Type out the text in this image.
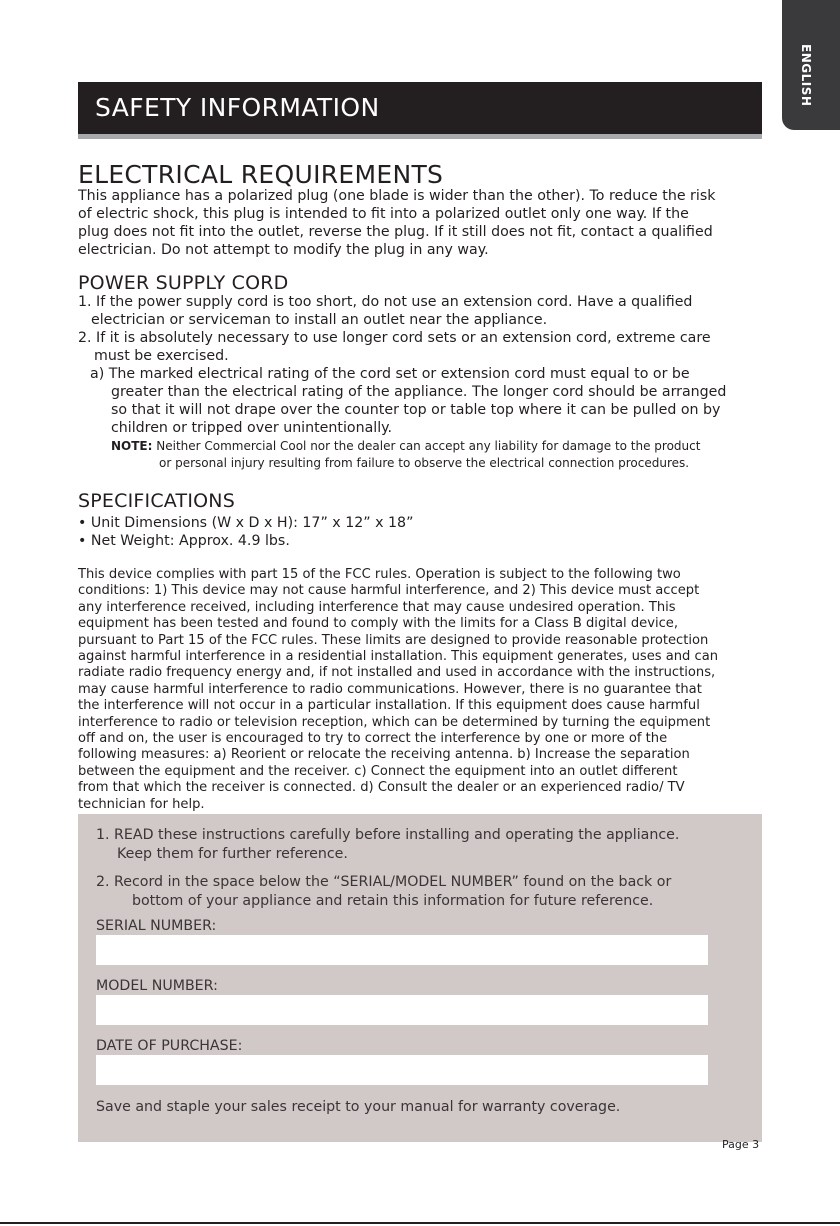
ENGLISH
SAFETY INFORMATION
ELECTRICAL REQUIREMENTS
This appliance has a polarized plug (one blade is wider than the other). To reduce the risk
of electric shock, this plug is intended to fit into a polarized outlet only one way. If the
plug does not fit into the outlet, reverse the plug. If it still does not fit, contact a qualified
electrician. Do not attempt to modify the plug in any way.
POWER SUPPLY CORD
1. If the power supply cord is too short, do not use an extension cord. Have a qualified
electrician or serviceman to install an outlet near the appliance.
2. If it is absolutely necessary to use longer cord sets or an extension cord, extreme care
must be exercised.
a) The marked electrical rating of the cord set or extension cord must equal to or be
greater than the electrical rating of the appliance. The longer cord should be arranged
so that it will not drape over the counter top or table top where it can be pulled on by
children or tripped over unintentionally.
NOTE: Neither Commercial Cool nor the dealer can accept any liability for damage to the product
or personal injury resulting from failure to observe the electrical connection procedures.
SPECIFICATIONS
• Unit Dimensions (W x D x H): 17” x 12” x 18”
• Net Weight: Approx. 4.9 lbs.
This device complies with part 15 of the FCC rules. Operation is subject to the following two
conditions: 1) This device may not cause harmful interference, and 2) This device must accept
any interference received, including interference that may cause undesired operation. This
equipment has been tested and found to comply with the limits for a Class B digital device,
pursuant to Part 15 of the FCC rules. These limits are designed to provide reasonable protection
against harmful interference in a residential installation. This equipment generates, uses and can
radiate radio frequency energy and, if not installed and used in accordance with the instructions,
may cause harmful interference to radio communications. However, there is no guarantee that
the interference will not occur in a particular installation. If this equipment does cause harmful
interference to radio or television reception, which can be determined by turning the equipment
off and on, the user is encouraged to try to correct the interference by one or more of the
following measures: a) Reorient or relocate the receiving antenna. b) Increase the separation
between the equipment and the receiver. c) Connect the equipment into an outlet different
from that which the receiver is connected. d) Consult the dealer or an experienced radio/ TV
technician for help.
1. READ these instructions carefully before installing and operating the appliance.
Keep them for further reference.
2. Record in the space below the “SERIAL/MODEL NUMBER” found on the back or
bottom of your appliance and retain this information for future reference.
SERIAL NUMBER:
MODEL NUMBER:
DATE OF PURCHASE:
Save and staple your sales receipt to your manual for warranty coverage.
Page 3
